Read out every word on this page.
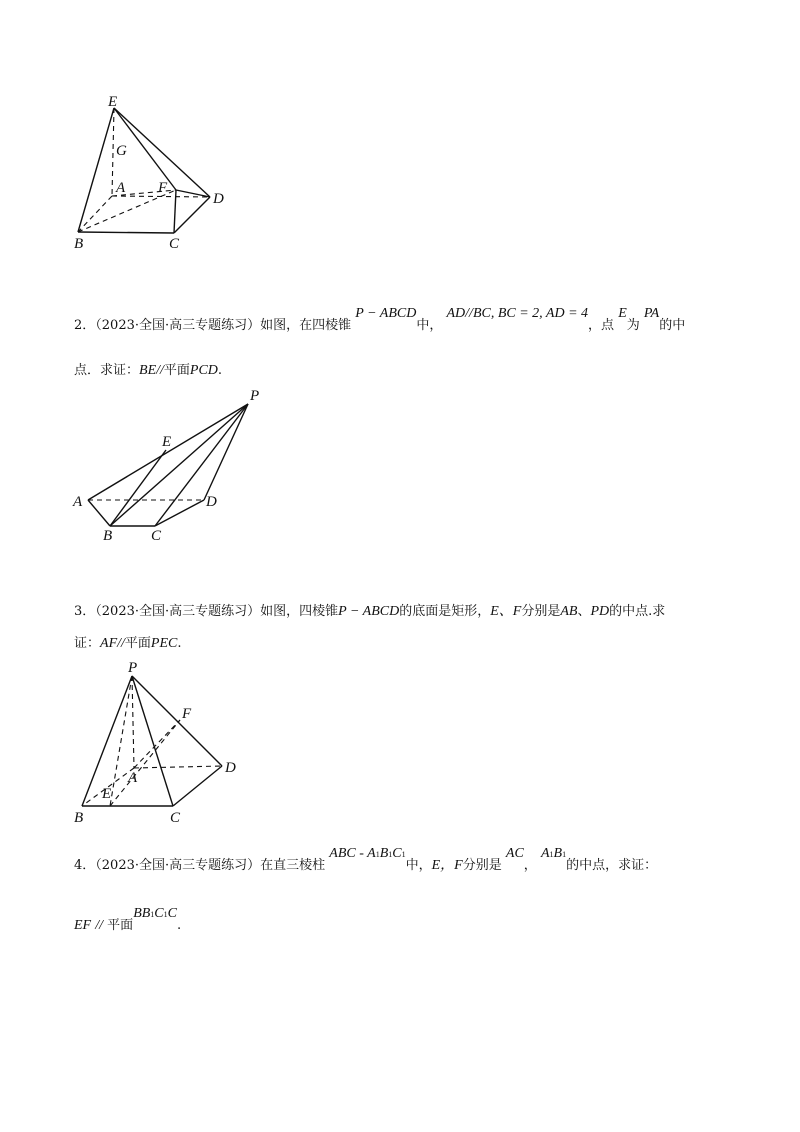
E
G
A F
D
B	C
2．（2023·全国·高三专题练习）如图，在四棱锥 P − ABCD中， AD//BC, BC = 2, AD = 4，点 E为 PA的中
点．求证：BE//平面PCD.
P
E
A	D
B	C
3．（2023·全国·高三专题练习）如图，四棱锥P − ABCD的底面是矩形，E、F分别是AB、PD的中点.求
证：AF//平面PEC.
P
F
A
D
E
B	C
4．（2023·全国·高三专题练习）在直三棱柱 ABC - A1B1C1中，E，F分别是 AC， A1B1的中点，求证：
EF // 平面BB1C1C.
